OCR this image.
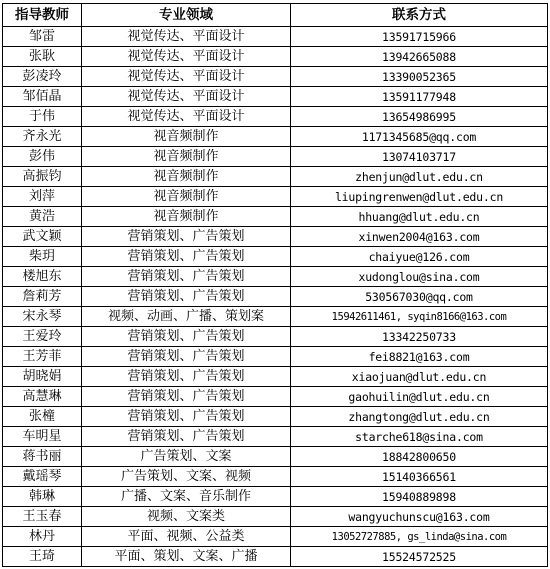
指导教师	专业领域	联系方式
邹雷	视觉传达、平面设计	13591715966
张耿	视觉传达、平面设计	13942665088
彭凌玲	视觉传达、平面设计	13390052365
邹佰晶	视觉传达、平面设计	13591177948
于伟	视觉传达、平面设计	13654986995
齐永光	视音频制作	1171345685@qq.com
彭伟	视音频制作	13074103717
高振钧	视音频制作	zhenjun@dlut.edu.cn
刘萍	视音频制作	liupingrenwen@dlut.edu.cn
黄浩	视音频制作	hhuang@dlut.edu.cn
武文颖	营销策划、广告策划	xinwen2004@163.com
柴玥	营销策划、广告策划	chaiyue@126.com
楼旭东	营销策划、广告策划	xudonglou@sina.com
詹莉芳	营销策划、广告策划	530567030@qq.com
宋永琴	视频、动画、广播、策划案	15942611461, syqin8166@163.com
王爱玲	营销策划、广告策划	13342250733
王芳菲	营销策划、广告策划	fei8821@163.com
胡晓娟	营销策划、广告策划	xiaojuan@dlut.edu.cn
高慧琳	营销策划、广告策划	gaohuilin@dlut.edu.cn
张橦	营销策划、广告策划	zhangtong@dlut.edu.cn
车明星	营销策划、广告策划	starche618@sina.com
蒋书丽	广告策划、文案	18842800650
戴瑶琴	广告策划、文案、视频	15140366561
韩琳	广播、文案、音乐制作	15940889898
王玉春	视频、文案类	wangyuchunscu@163.com
林丹	平面、视频、公益类	13052727885, gs_linda@sina.com
王琦	平面、策划、文案、广播	15524572525
